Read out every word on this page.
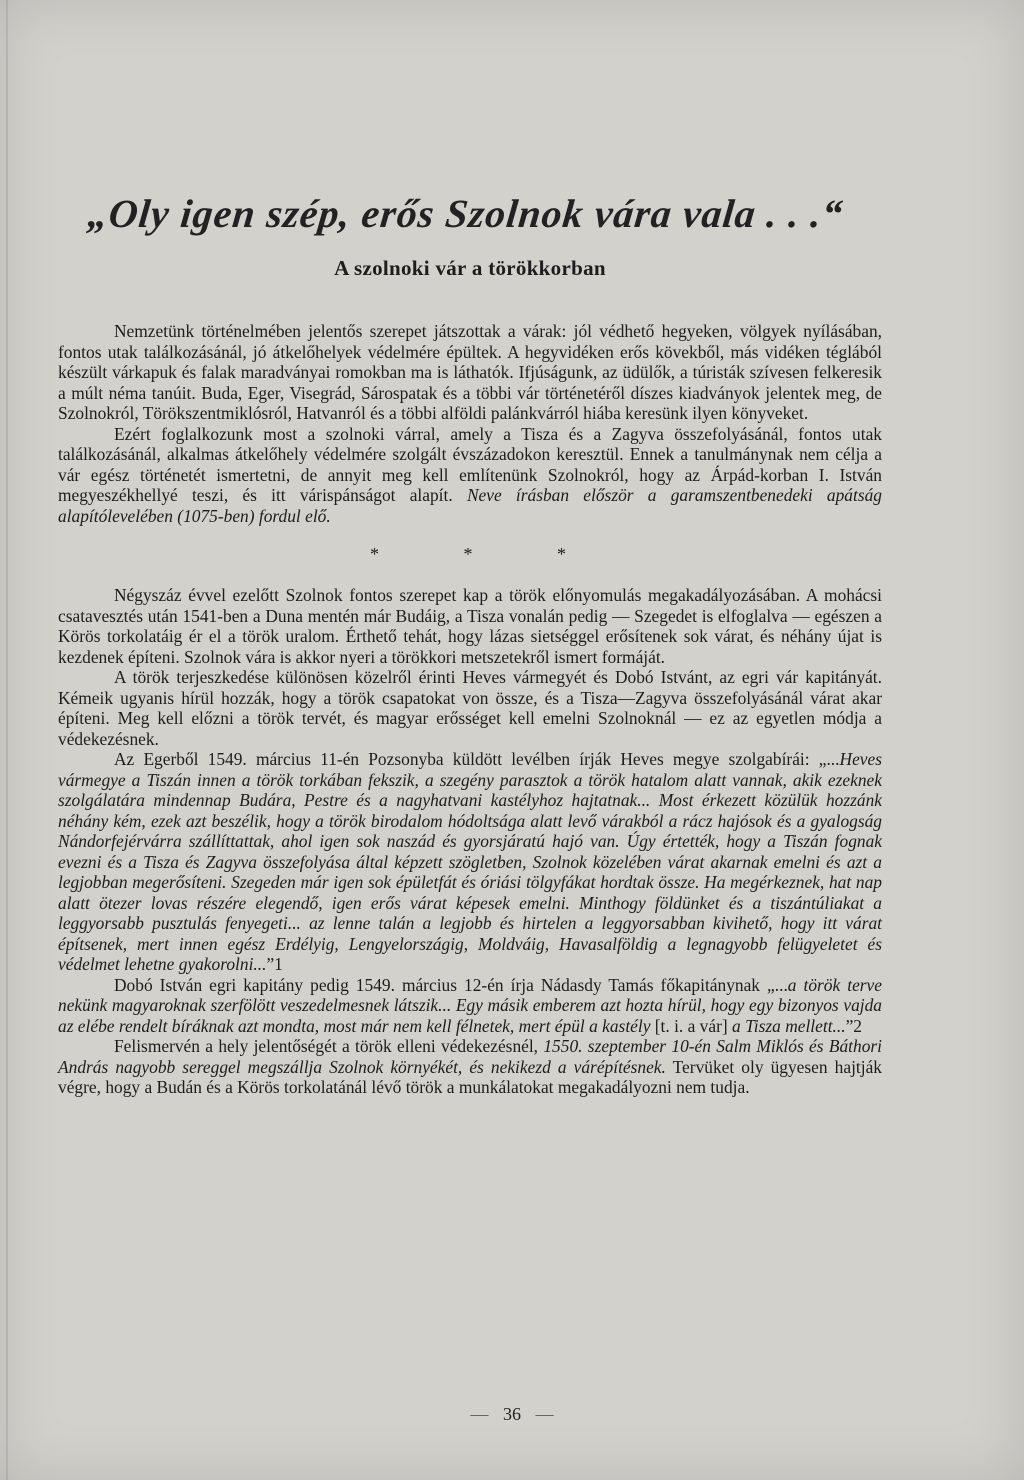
„Oly igen szép, erős Szolnok vára vala . . .“
A szolnoki vár a törökkorban

Nemzetünk történelmében jelentős szerepet játszottak a várak: jól védhető hegyeken, völgyek nyílásában, fontos utak találkozásánál, jó átkelőhelyek védelmére épültek. A hegyvidéken erős kövekből, más vidéken téglából készült várkapuk és falak maradványai romokban ma is láthatók. Ifjúságunk, az üdülők, a túristák szívesen felkeresik a múlt néma tanúit. Buda, Eger, Visegrád, Sárospatak és a többi vár történetéről díszes kiadványok jelentek meg, de Szolnokról, Törökszentmiklósról, Hatvanról és a többi alföldi palánkvárról hiába keresünk ilyen könyveket.

Ezért foglalkozunk most a szolnoki várral, amely a Tisza és a Zagyva összefolyásánál, fontos utak találkozásánál, alkalmas átkelőhely védelmére szolgált évszázadokon keresztül. Ennek a tanulmánynak nem célja a vár egész történetét ismertetni, de annyit meg kell említenünk Szolnokról, hogy az Árpád-korban I. István megyeszékhellyé teszi, és itt várispánságot alapít. Neve írásban először a garamszentbenedeki apátság alapítólevelében (1075-ben) fordul elő.

* * *

Négyszáz évvel ezelőtt Szolnok fontos szerepet kap a török előnyomulás megakadályozásában. A mohácsi csatavesztés után 1541-ben a Duna mentén már Budáig, a Tisza vonalán pedig — Szegedet is elfoglalva — egészen a Körös torkolatáig ér el a török uralom. Érthető tehát, hogy lázas sietséggel erősítenek sok várat, és néhány újat is kezdenek építeni. Szolnok vára is akkor nyeri a törökkori metszetekről ismert formáját.

A török terjeszkedése különösen közelről érinti Heves vármegyét és Dobó Istvánt, az egri vár kapitányát. Kémeik ugyanis hírül hozzák, hogy a török csapatokat von össze, és a Tisza—Zagyva összefolyásánál várat akar építeni. Meg kell előzni a török tervét, és magyar erősséget kell emelni Szolnoknál — ez az egyetlen módja a védekezésnek.

Az Egerből 1549. március 11-én Pozsonyba küldött levélben írják Heves megye szolgabírái: „...Heves vármegye a Tiszán innen a török torkában fekszik, a szegény parasztok a török hatalom alatt vannak, akik ezeknek szolgálatára mindennap Budára, Pestre és a nagyhatvani kastélyhoz hajtatnak... Most érkezett közülük hozzánk néhány kém, ezek azt beszélik, hogy a török birodalom hódoltsága alatt levő várakból a rácz hajósok és a gyalogság Nándorfejérvárra szállíttattak, ahol igen sok naszád és gyorsjáratú hajó van. Úgy értették, hogy a Tiszán fognak evezni és a Tisza és Zagyva összefolyása által képzett szögletben, Szolnok közelében várat akarnak emelni és azt a legjobban megerősíteni. Szegeden már igen sok épületfát és óriási tölgyfákat hordtak össze. Ha megérkeznek, hat nap alatt ötezer lovas részére elegendő, igen erős várat képesek emelni. Minthogy földünket és a tiszántúliakat a leggyorsabb pusztulás fenyegeti... az lenne talán a legjobb és hirtelen a leggyorsabban kivihető, hogy itt várat építsenek, mert innen egész Erdélyig, Lengyelországig, Moldváig, Havasalföldig a legnagyobb felügyeletet és védelmet lehetne gyakorolni...”1

Dobó István egri kapitány pedig 1549. március 12-én írja Nádasdy Tamás főkapitánynak „...a török terve nekünk magyaroknak szerfölött veszedelmesnek látszik... Egy másik emberem azt hozta hírül, hogy egy bizonyos vajda az elébe rendelt bíráknak azt mondta, most már nem kell félnetek, mert épül a kastély [t. i. a vár] a Tisza mellett...”2

Felismervén a hely jelentőségét a török elleni védekezésnél, 1550. szeptember 10-én Salm Miklós és Báthori András nagyobb sereggel megszállja Szolnok környékét, és nekikezd a várépítésnek. Tervüket oly ügyesen hajtják végre, hogy a Budán és a Körös torkolatánál lévő török a munkálatokat megakadályozni nem tudja.

— 36 —
